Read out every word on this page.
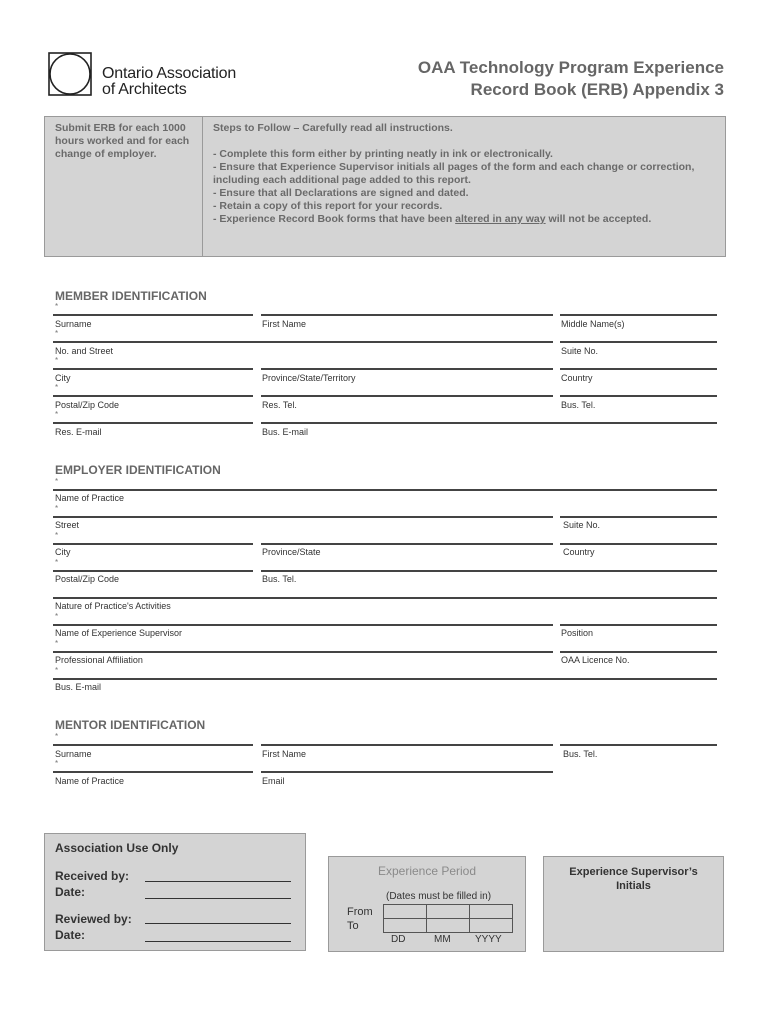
Ontario Association
of Architects
OAA Technology Program Experience
Record Book (ERB) Appendix 3
Submit ERB for each 1000 hours worked and for each change of employer.
Steps to Follow – Carefully read all instructions.
- Complete this form either by printing neatly in ink or electronically.
- Ensure that Experience Supervisor initials all pages of the form and each change or correction, including each additional page added to this report.
- Ensure that all Declarations are signed and dated.
- Retain a copy of this report for your records.
- Experience Record Book forms that have been altered in any way will not be accepted.
MEMBER IDENTIFICATION
*
Surname	First Name	Middle Name(s)
*
No. and Street	Suite No.
*
City	Province/State/Territory	Country
*
Postal/Zip Code	Res. Tel.	Bus. Tel.
*
Res. E-mail	Bus. E-mail
EMPLOYER IDENTIFICATION
*
Name of Practice
*
Street	Suite No.
*
City	Province/State	Country
*
Postal/Zip Code	Bus. Tel.
Nature of Practice's Activities
*
Name of Experience Supervisor	Position
*
Professional Affiliation	OAA Licence No.
*
Bus. E-mail
MENTOR IDENTIFICATION
*
Surname	First Name	Bus. Tel.
*
Name of Practice	Email
Association Use Only
Received by:
Date:
Reviewed by:
Date:
Experience Period
(Dates must be filled in)
From
To

DD	MM YYYY
Experience Supervisor’s
Initials
